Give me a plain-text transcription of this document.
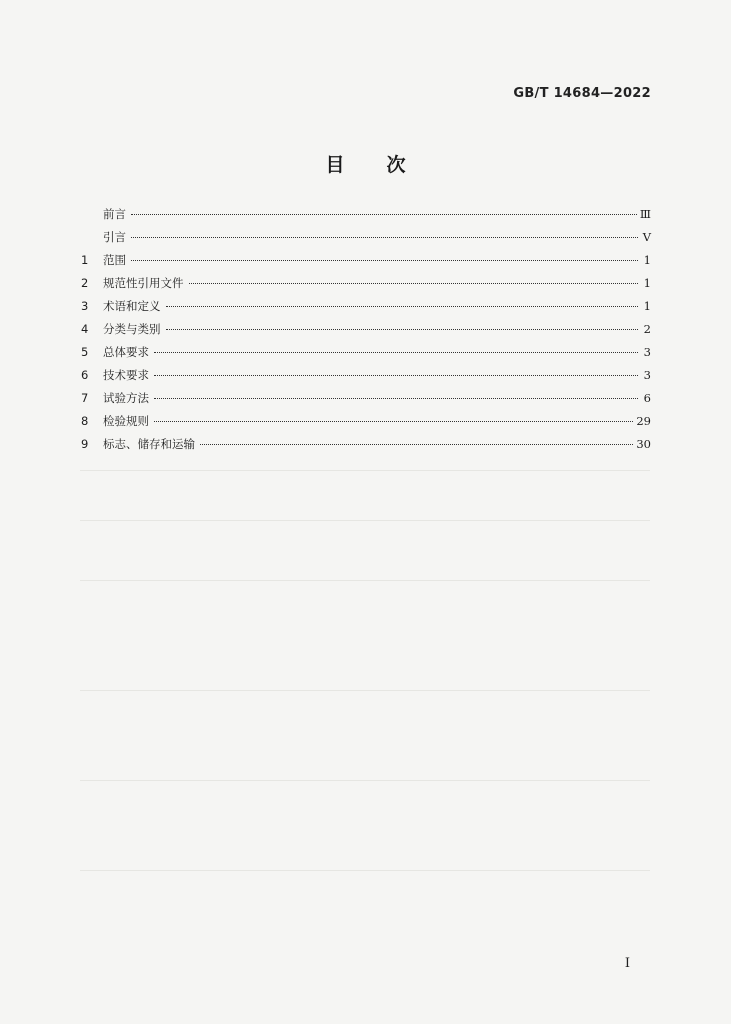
GB/T 14684—2022
目次
前言	Ⅲ
引言	Ⅴ
1	范围	1
2	规范性引用文件	1
3	术语和定义	1
4	分类与类别	2
5	总体要求	3
6	技术要求	3
7	试验方法	6
8	检验规则	29
9	标志、储存和运输	30
I
